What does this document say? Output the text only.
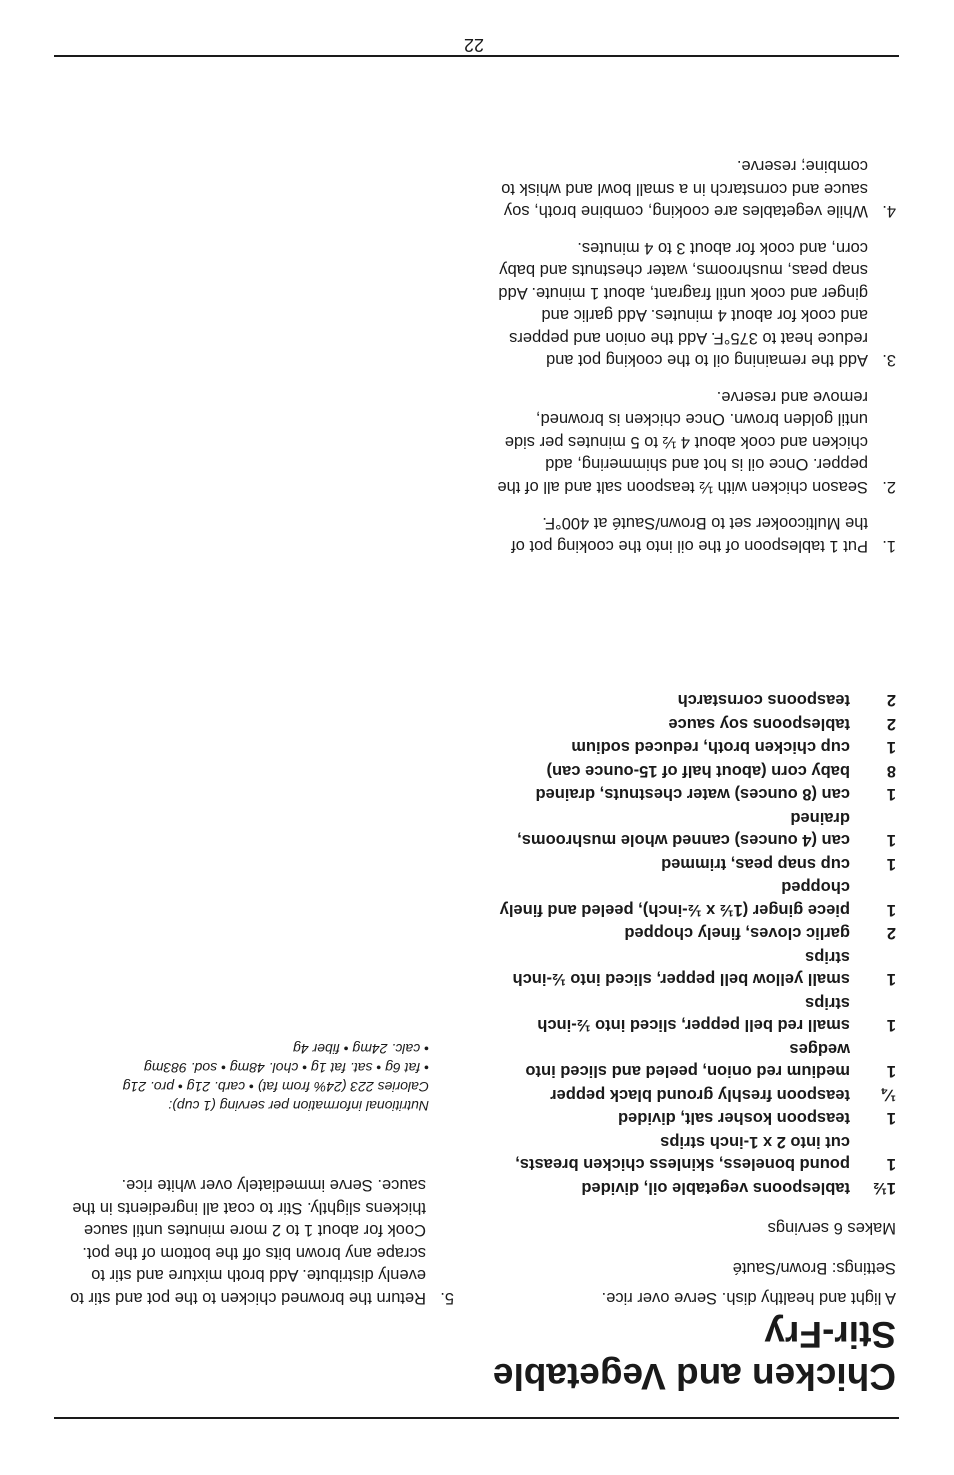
Chicken and Vegetable Stir-Fry
A light and healthy dish. Serve over rice.
Settings: Brown/Sauté
Makes 6 servings
1½
tablespoons vegetable oil, divided
1
pound boneless, skinless chicken breasts, cut into 2 x 1-inch strips
1
teaspoon kosher salt, divided
¼
teaspoon freshly ground black pepper
1
medium red onion, peeled and sliced into wedges
1
small red bell pepper, sliced into ½-inch strips
1
small yellow bell pepper, sliced into ½-inch strips
2
garlic cloves, finely chopped
1
piece ginger (1½ x ½-inch), peeled and finely chopped
1
cup snap peas, trimmed
1
can (4 ounces) canned whole mushrooms, drained
1
can (8 ounces) water chestnuts, drained
8
baby corn (about half of 15-ounce can)
1
cup chicken broth, reduced sodium
2
tablespoons soy sauce
2
teaspoons cornstarch
1.
Put 1 tablespoon of the oil into the cooking pot of the Multicooker set to Brown/Sauté at 400°F.
2.
Season chicken with ½ teaspoon salt and all of the pepper. Once oil is hot and shimmering, add chicken and cook about 4 ½ to 5 minutes per side until golden brown. Once chicken is browned, remove and reserve.
3.
Add the remaining oil to the cooking pot and reduce heat to 375°F. Add the onion and peppers and cook for about 4 minutes. Add garlic and ginger and cook until fragrant, about 1 minute. Add snap peas, mushrooms, water chestnuts and baby corn, and cook for about 3 to 4 minutes.
4.
While vegetables are cooking, combine broth, soy sauce and cornstarch in a small bowl and whisk to combine; reserve.
5.
Return the browned chicken to the pot and stir to evenly distribute. Add broth mixture and stir to scrape any brown bits off the bottom of the pot. Cook for about 1 to 2 more minutes until sauce thickens slightly. Stir to coat all ingredients in the sauce. Serve immediately over white rice.
Nutritional information per serving (1 cup):
Calories 223 (24% from fat) • carb. 21g • pro. 21g
• fat 6g • sat. fat 1g • chol. 48mg • sod. 983mg
• calc. 24mg • fiber 4g
22
